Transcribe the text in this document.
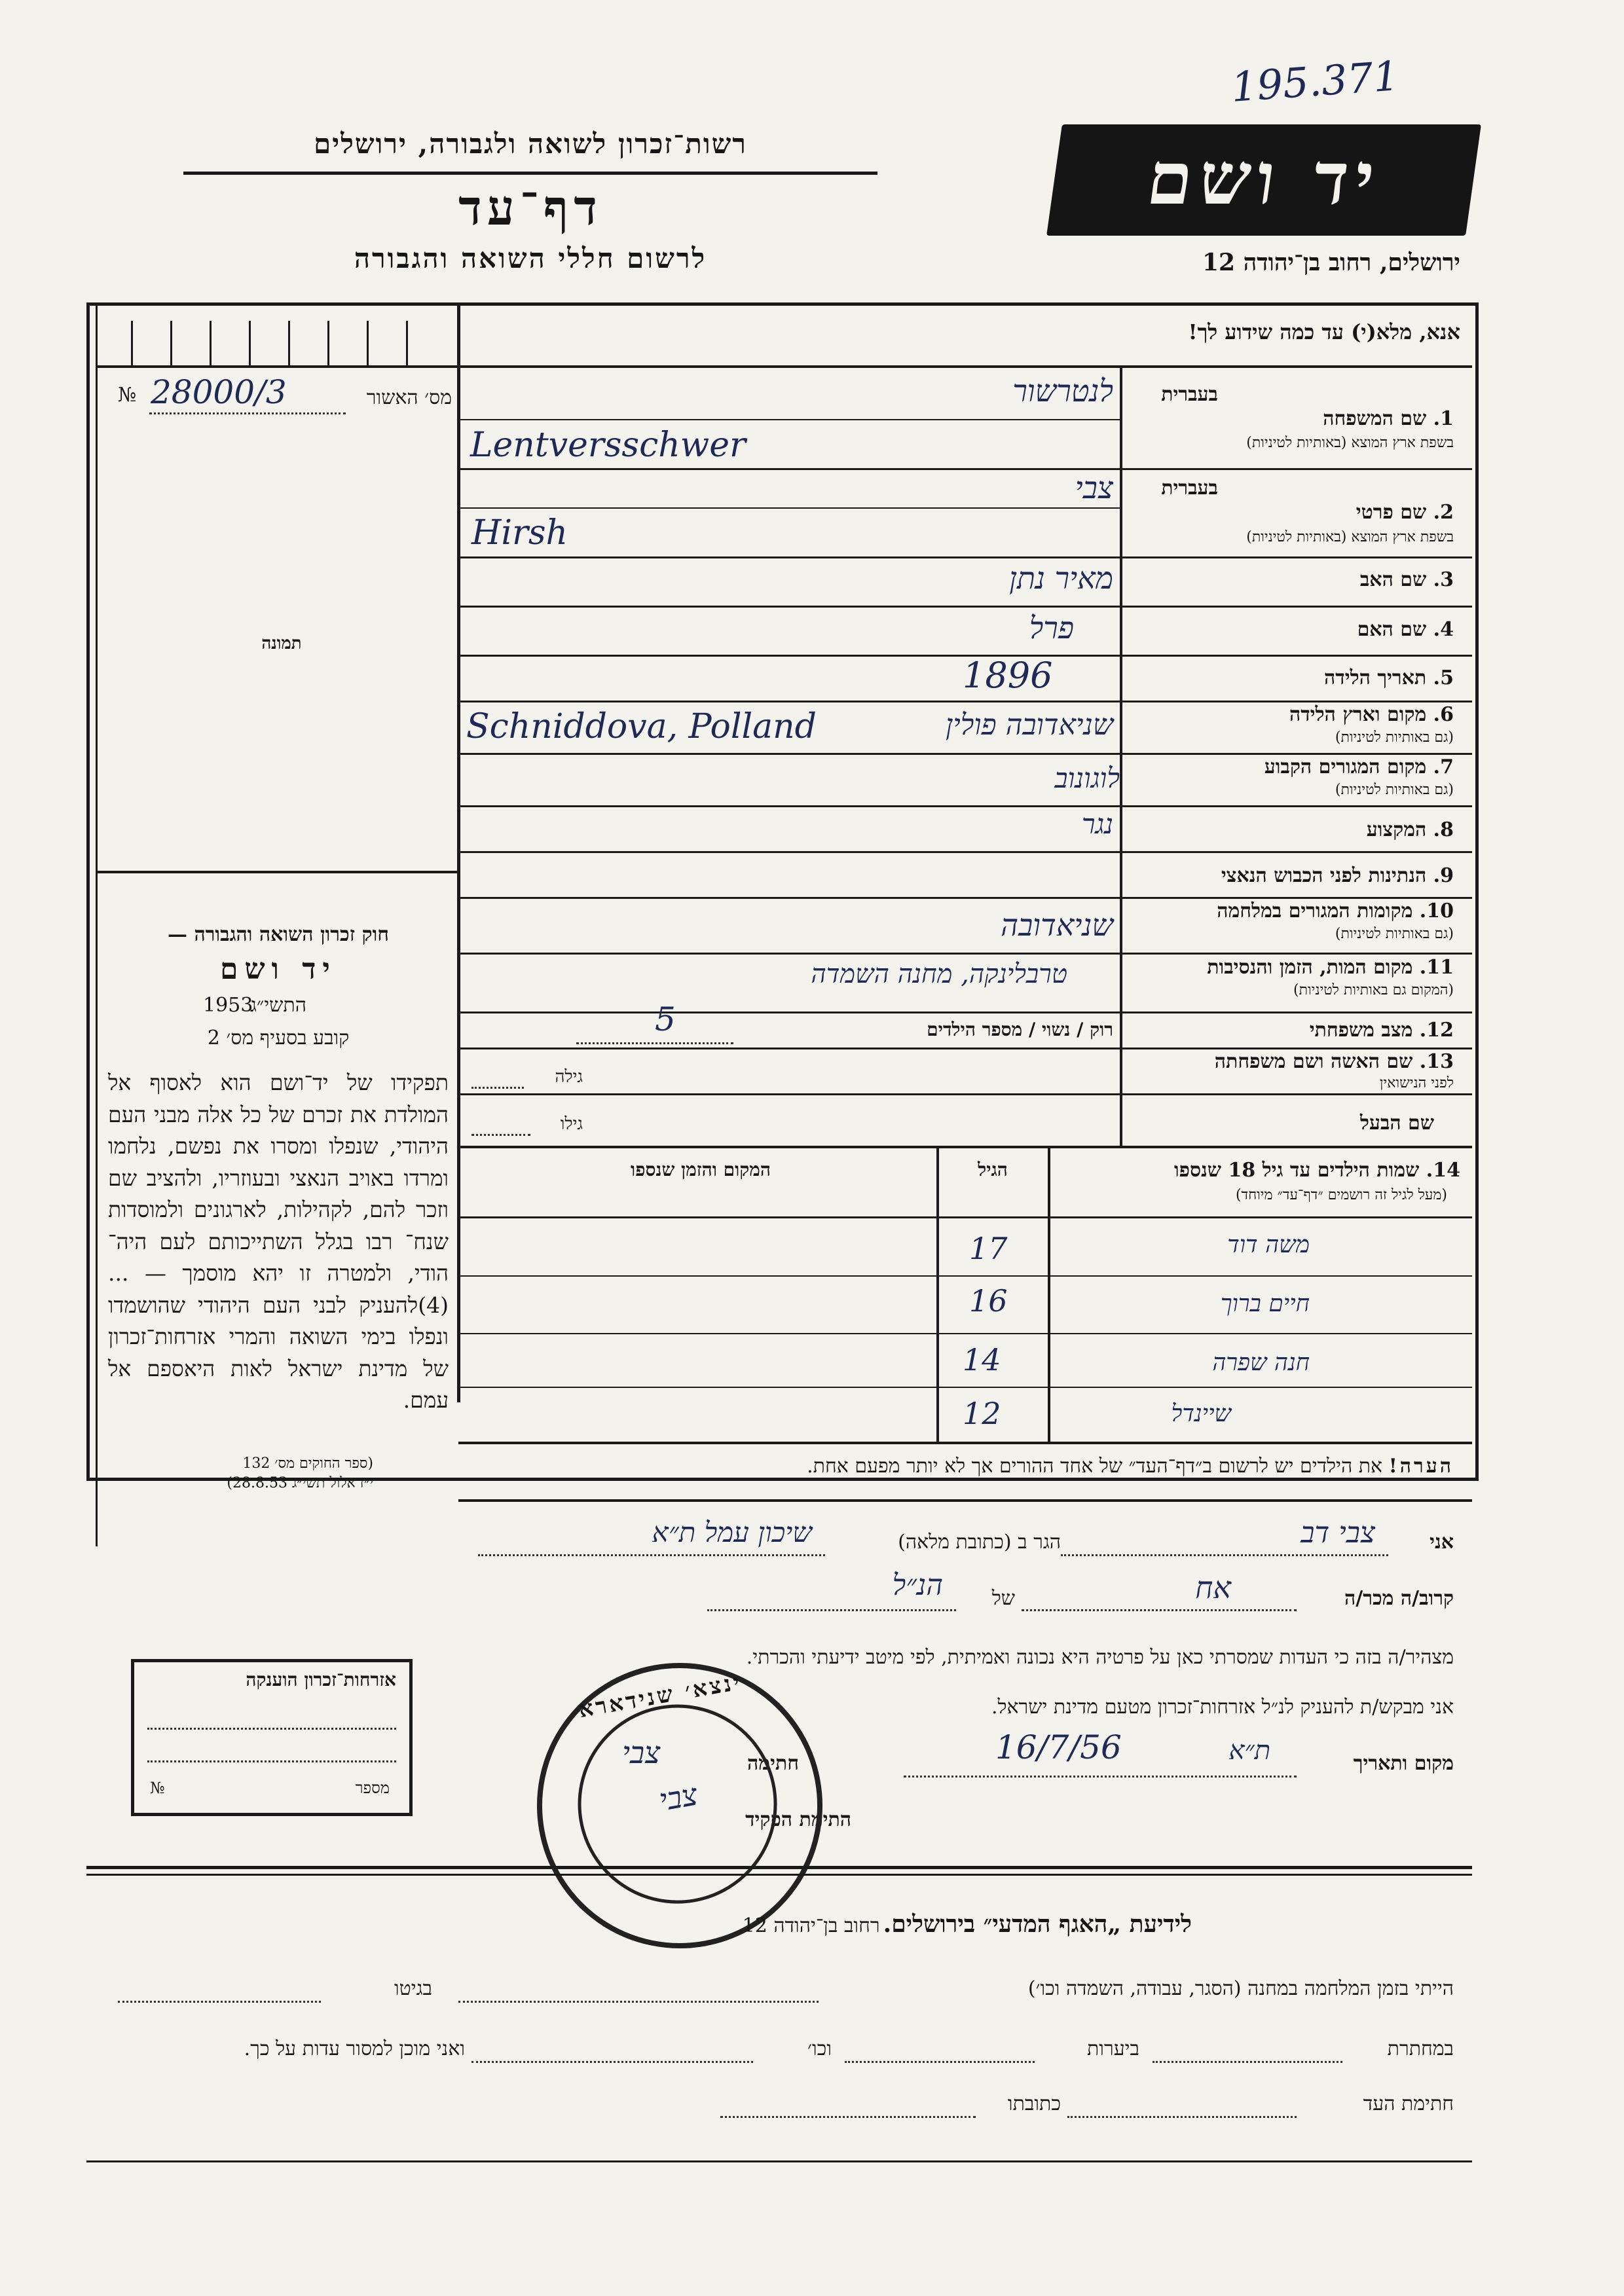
195.371
רשות־זכרון לשואה ולגבורה, ירושלים
דף־עד
לרשום חללי השואה והגבורה
יד ושם
ירושלים, רחוב בן־יהודה 12
אנא, מלא(י) עד כמה שידוע לך!
מס׳ האשור
№ 28000/3
תמונה
חוק זכרון השואה והגבורה —
יד ושם
התשי״ג
1953
קובע בסעיף מס׳ 2
תפקידו של יד־ושם הוא לאסוף אל המולדת את זכרם של כל אלה מבני העם היהודי, שנפלו ומסרו את נפשם, נלחמו ומרדו באויב הנאצי ובעוזריו, ולהציב שם וזכר להם, לקהילות, לארגונים ולמוסדות שנח־ רבו בגלל השתייכותם לעם היה־ הודי, ולמטרה זו יהא מוסמך — ...(4)להעניק לבני העם היהודי שהושמדו ונפלו בימי השואה והמרי אזרחות־זכרון של מדינת ישראל לאות היאספם אל עמם.
(ספר החוקים מס׳ 132
י״ז אלול תשי״ג 28.8.53)
בעברית
1. שם המשפחה
בשפת ארץ המוצא (באותיות לטיניות)
לנטרשור
Lentversschwer
בעברית
2. שם פרטי
בשפת ארץ המוצא (באותיות לטיניות)
צבי
Hirsh
3. שם האב
מאיר נתן
4. שם האם
פרל
5. תאריך הלידה
1896
6. מקום וארץ הלידה
(גם באותיות לטיניות)
שניאדובה פולין
Schniddova, Polland
7. מקום המגורים הקבוע
(גם באותיות לטיניות)
לוגונוב
8. המקצוע
נגר
9. הנתינות לפני הכבוש הנאצי
10. מקומות המגורים במלחמה
(גם באותיות לטיניות)
שניאדובה
11. מקום המות, הזמן והנסיבות
(המקום גם באותיות לטיניות)
טרבלינקה, מחנה השמדה
12. מצב משפחתי
רוק / נשוי / מספר הילדים
5
13. שם האשה ושם משפחתה
לפני הנישואין
גילה
שם הבעל
גילו
14. שמות הילדים עד גיל 18 שנספו
(מעל לגיל זה רושמים ״דף־עד״ מיוחד)
הגיל
המקום והזמן שנספו
משה דוד
17
חיים ברוך
16
חנה שפרה
14
שיינדל
12
הערה! את הילדים יש לרשום ב״דף־העד״ של אחד ההורים אך לא יותר מפעם אחת.
אני
צבי דב
הגר ב (כתובת מלאה)
שיכון עמל ת״א
קרוב/ה מכר/ה
אח
של
הנ״ל
מצהיר/ה בזה כי העדות שמסרתי כאן על פרטיה היא נכונה ואמיתית, לפי מיטב ידיעתי והכרתי.
אני מבקש/ת להעניק לנ״ל אזרחות־זכרון מטעם מדינת ישראל.
מקום ותאריך
ת״א
16/7/56
חתימה
צבי
התימת הפקיד
ינצא׳ שנידארא
צבי
אזרחות־זכרון הוענקה
מספר
№
לידיעת „האגף המדעי״ בירושלים. רחוב בן־יהודה 12
הייתי בזמן המלחמה במחנה (הסגר, עבודה, השמדה וכו׳)
בגיטו
במחתרת
ביערות
וכו׳
ואני מוכן למסור עדות על כך.
חתימת העד
כתובתו
